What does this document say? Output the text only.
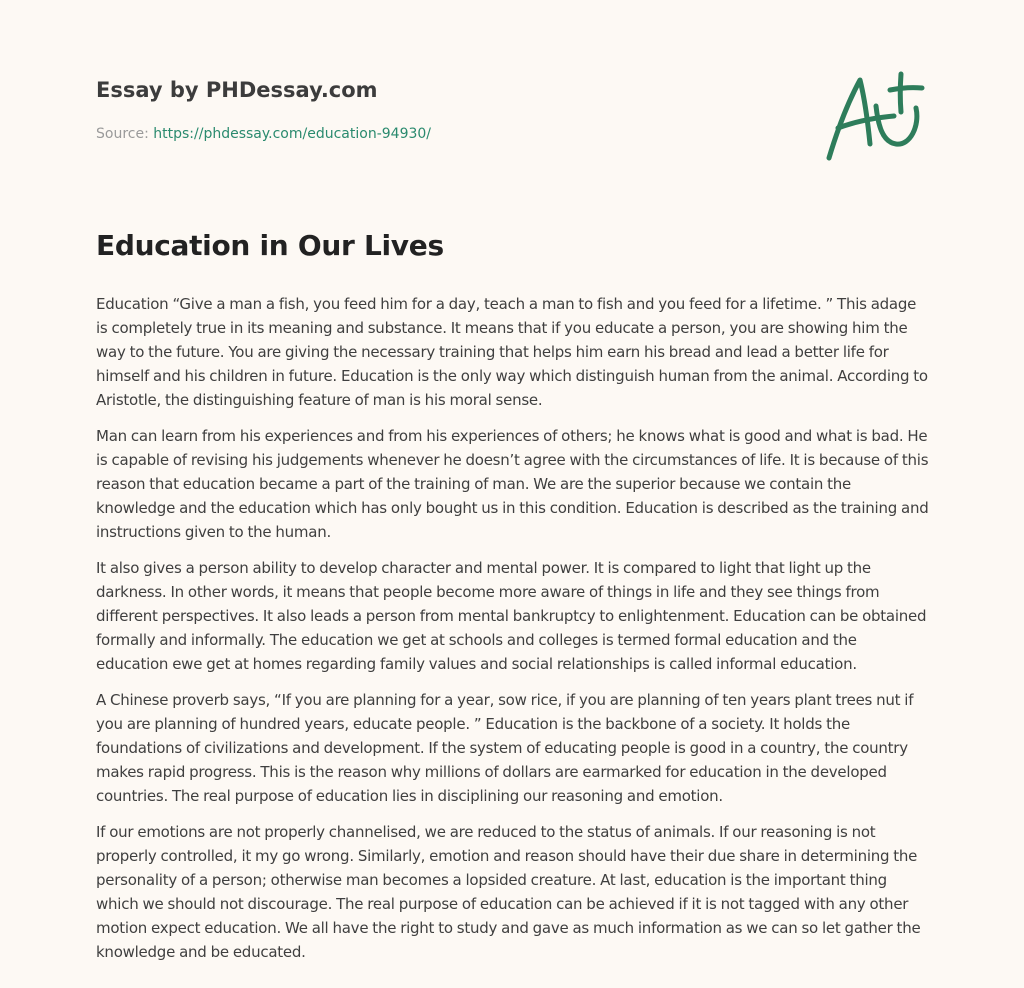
Essay by PHDessay.com
Source: https://phdessay.com/education-94930/
Education in Our Lives

Education “Give a man a fish, you feed him for a day, teach a man to fish and you feed for a lifetime. ” This adage is completely true in its meaning and substance. It means that if you educate a person, you are showing him the way to the future. You are giving the necessary training that helps him earn his bread and lead a better life for himself and his children in future. Education is the only way which distinguish human from the animal. According to Aristotle, the distinguishing feature of man is his moral sense.

Man can learn from his experiences and from his experiences of others; he knows what is good and what is bad. He is capable of revising his judgements whenever he doesn’t agree with the circumstances of life. It is because of this reason that education became a part of the training of man. We are the superior because we contain the knowledge and the education which has only bought us in this condition. Education is described as the training and instructions given to the human.

It also gives a person ability to develop character and mental power. It is compared to light that light up the darkness. In other words, it means that people become more aware of things in life and they see things from different perspectives. It also leads a person from mental bankruptcy to enlightenment. Education can be obtained formally and informally. The education we get at schools and colleges is termed formal education and the education ewe get at homes regarding family values and social relationships is called informal education.

A Chinese proverb says, “If you are planning for a year, sow rice, if you are planning of ten years plant trees nut if you are planning of hundred years, educate people. ” Education is the backbone of a society. It holds the foundations of civilizations and development. If the system of educating people is good in a country, the country makes rapid progress. This is the reason why millions of dollars are earmarked for education in the developed countries. The real purpose of education lies in disciplining our reasoning and emotion.

If our emotions are not properly channelised, we are reduced to the status of animals. If our reasoning is not properly controlled, it my go wrong. Similarly, emotion and reason should have their due share in determining the personality of a person; otherwise man becomes a lopsided creature. At last, education is the important thing which we should not discourage. The real purpose of education can be achieved if it is not tagged with any other motion expect education. We all have the right to study and gave as much information as we can so let gather the knowledge and be educated.
